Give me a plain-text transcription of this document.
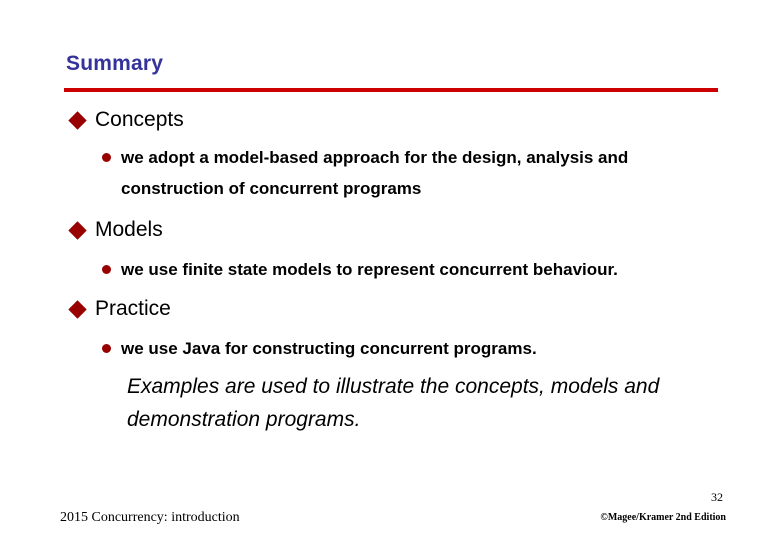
Summary
Concepts
we adopt a model-based approach for the design, analysis and construction of concurrent programs
Models
we use finite state models to represent concurrent behaviour.
Practice
we use Java for constructing concurrent programs.

Examples are used to illustrate the concepts, models and demonstration programs.

32
2015 Concurrency: introduction	©Magee/Kramer 2nd Edition
